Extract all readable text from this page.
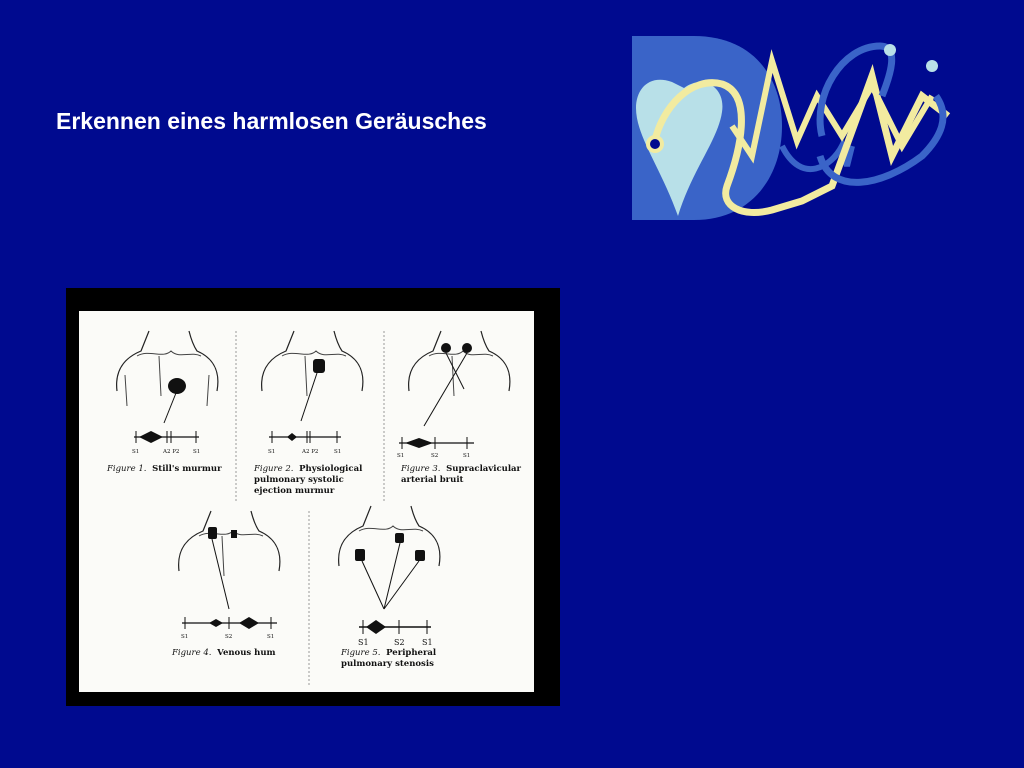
Erkennen eines harmlosen Geräusches
S1	A2 P2 S1
Figure 1. Still's murmur
S1	A2 P2	S1
Figure 2. Physiological
pulmonary systolic
ejection murmur
S1	S2	S1
Figure 3. Supraclavicular
arterial bruit
S1	S2	S1
Figure 4. Venous hum
S1	S2 S1
Figure 5. Peripheral
pulmonary stenosis
